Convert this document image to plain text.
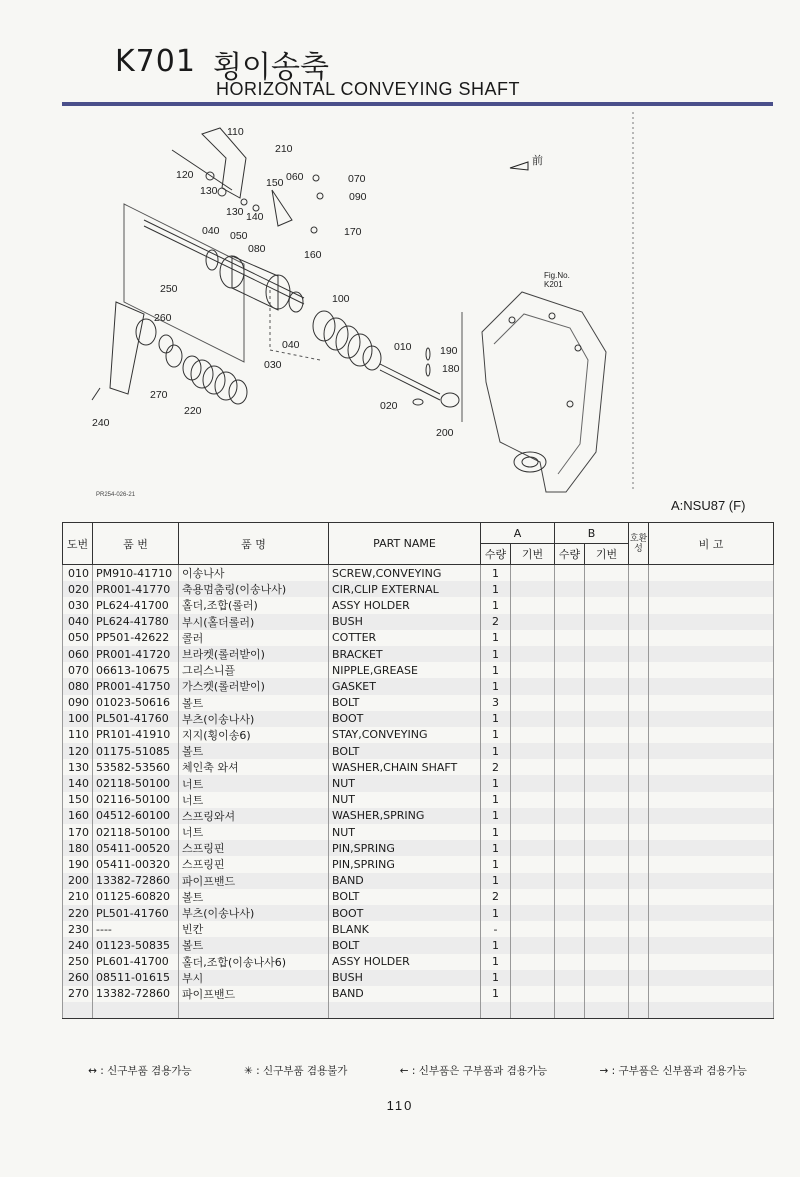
K701 횡이송축
HORIZONTAL CONVEYING SHAFT
110
210
120
130
150 060	070
090
130 140
040 050	170
080	160
250
100
260
040
030
010	190
180
270
020
220
200
240
前
Fig.No. K201
PR254-026-21
A:NSU87 (F)
도번	품 번	품 명	PART NAME	A		B		호환성	비 고
				수량	기번	수량	기번		
010	PM910-41710	이송나사	SCREW,CONVEYING	1					
020	PR001-41770	축용멈춤링(이송나사)	CIR,CLIP EXTERNAL	1					
030	PL624-41700	홀더,조합(롤러)	ASSY HOLDER	1					
040	PL624-41780	부시(홀더롤러)	BUSH	2					
050	PP501-42622	콜러	COTTER	1					
060	PR001-41720	브라켓(롤러받이)	BRACKET	1					
070	06613-10675	그리스니플	NIPPLE,GREASE	1					
080	PR001-41750	가스켓(롤러받이)	GASKET	1					
090	01023-50616	볼트	BOLT	3					
100	PL501-41760	부츠(이송나사)	BOOT	1					
110	PR101-41910	지지(횡이송6)	STAY,CONVEYING	1					
120	01175-51085	볼트	BOLT	1					
130	53582-53560	체인축 와셔	WASHER,CHAIN SHAFT	2					
140	02118-50100	너트	NUT	1					
150	02116-50100	너트	NUT	1					
160	04512-60100	스프링와셔	WASHER,SPRING	1					
170	02118-50100	너트	NUT	1					
180	05411-00520	스프링핀	PIN,SPRING	1					
190	05411-00320	스프링핀	PIN,SPRING	1					
200	13382-72860	파이프밴드	BAND	1					
210	01125-60820	볼트	BOLT	2					
220	PL501-41760	부츠(이송나사)	BOOT	1					
230	----	빈칸	BLANK	-					
240	01123-50835	볼트	BOLT	1					
250	PL601-41700	홀더,조합(이송나사6)	ASSY HOLDER	1					
260	08511-01615	부시	BUSH	1					
270	13382-72860	파이프밴드	BAND	1					

↔ : 신구부품 겸용가능	✳ : 신구부품 겸용불가	← : 신부품은 구부품과 겸용가능	→ : 구부품은 신부품과 겸용가능
110
